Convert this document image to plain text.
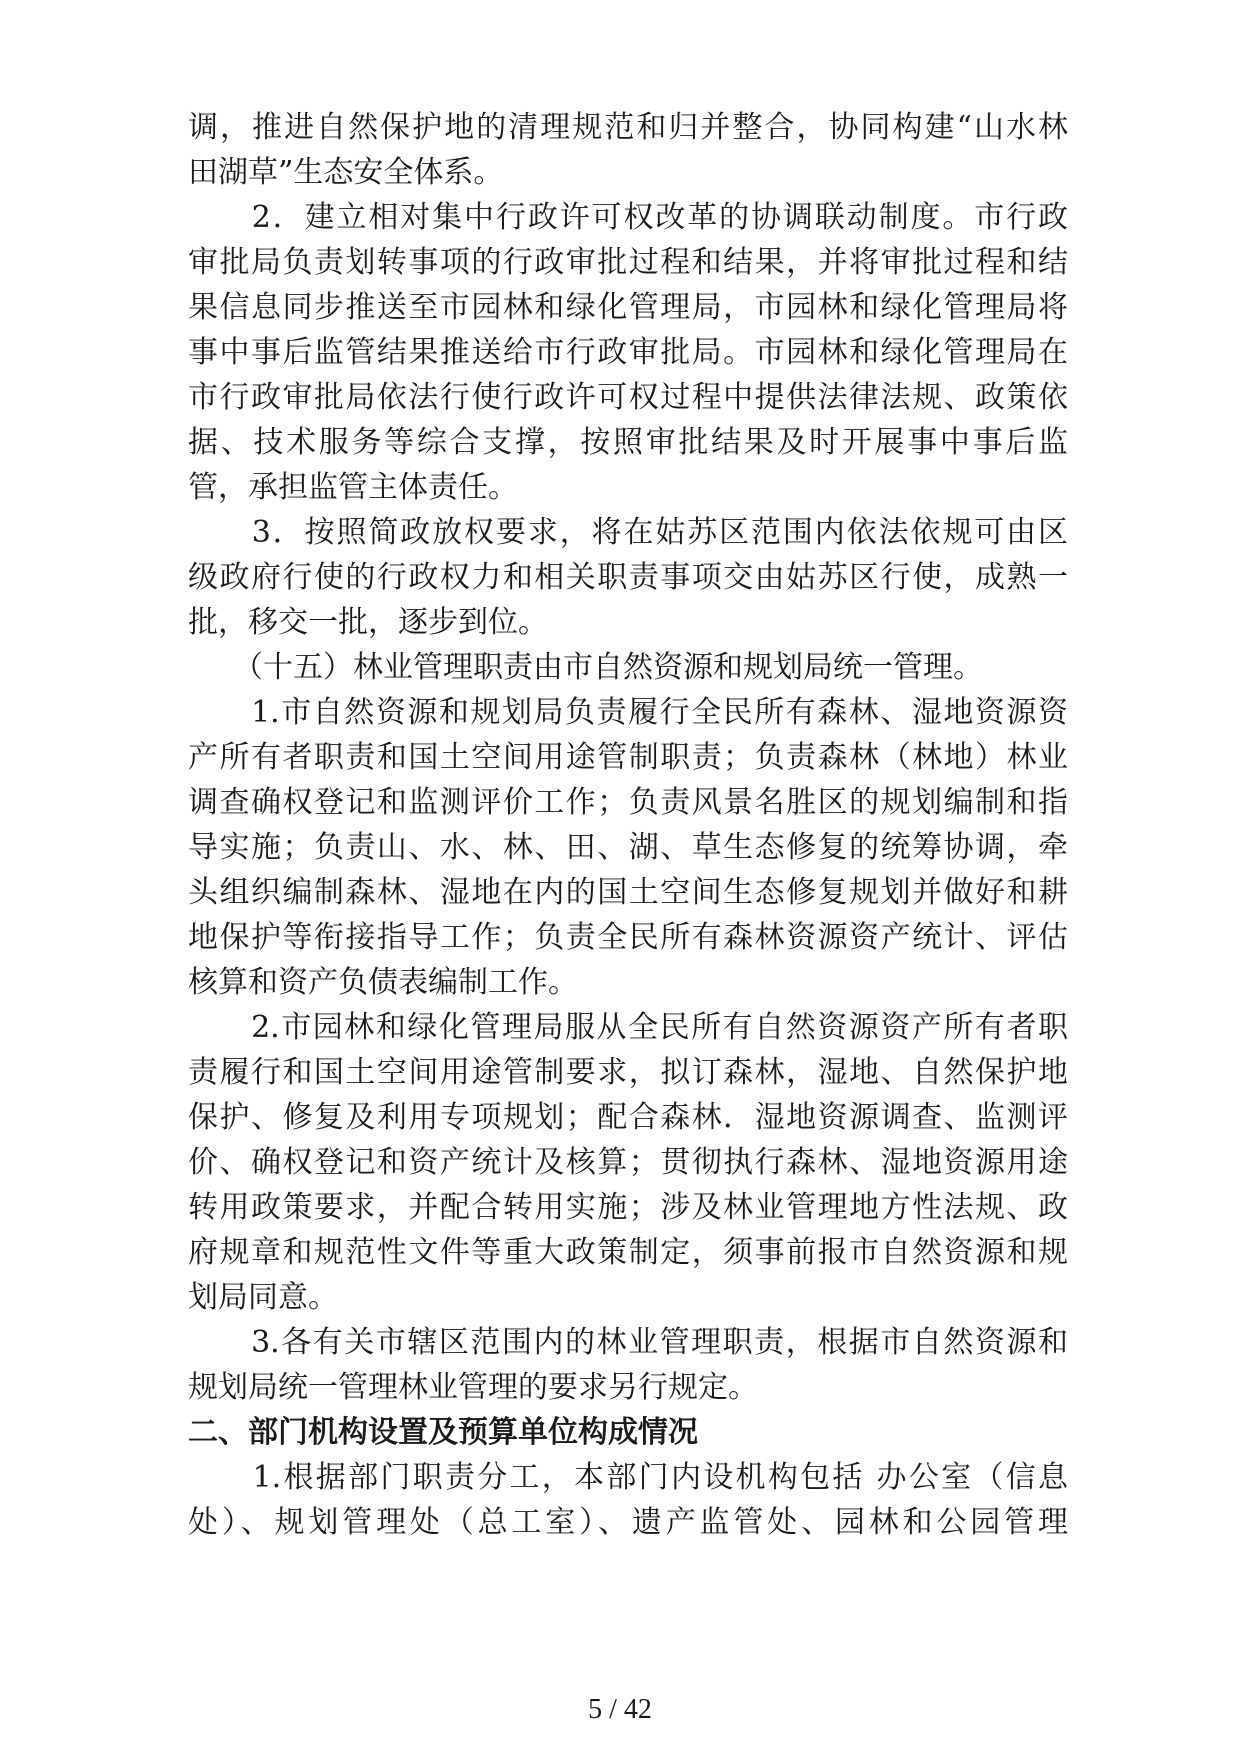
调，推进自然保护地的清理规范和归并整合，协同构建“山水林
田湖草”生态安全体系。
　　2．建立相对集中行政许可权改革的协调联动制度。市行政
审批局负责划转事项的行政审批过程和结果，并将审批过程和结
果信息同步推送至市园林和绿化管理局，市园林和绿化管理局将
事中事后监管结果推送给市行政审批局。市园林和绿化管理局在
市行政审批局依法行使行政许可权过程中提供法律法规、政策依
据、技术服务等综合支撑，按照审批结果及时开展事中事后监
管，承担监管主体责任。
　　3．按照简政放权要求，将在姑苏区范围内依法依规可由区
级政府行使的行政权力和相关职责事项交由姑苏区行使，成熟一
批，移交一批，逐步到位。
　　（十五）林业管理职责由市自然资源和规划局统一管理。
　　1.市自然资源和规划局负责履行全民所有森林、湿地资源资
产所有者职责和国土空间用途管制职责；负责森林（林地）林业
调查确权登记和监测评价工作；负责风景名胜区的规划编制和指
导实施；负责山、水、林、田、湖、草生态修复的统筹协调，牵
头组织编制森林、湿地在内的国土空间生态修复规划并做好和耕
地保护等衔接指导工作；负责全民所有森林资源资产统计、评估
核算和资产负债表编制工作。
　　2.市园林和绿化管理局服从全民所有自然资源资产所有者职
责履行和国土空间用途管制要求，拟订森林，湿地、自然保护地
保护、修复及利用专项规划；配合森林．湿地资源调查、监测评
价、确权登记和资产统计及核算；贯彻执行森林、湿地资源用途
转用政策要求，并配合转用实施；涉及林业管理地方性法规、政
府规章和规范性文件等重大政策制定，须事前报市自然资源和规
划局同意。
　　3.各有关市辖区范围内的林业管理职责，根据市自然资源和
规划局统一管理林业管理的要求另行规定。
二、部门机构设置及预算单位构成情况
　　1.根据部门职责分工，本部门内设机构包括 办公室（信息
处）、规划管理处（总工室）、遗产监管处、园林和公园管理
5 / 42
